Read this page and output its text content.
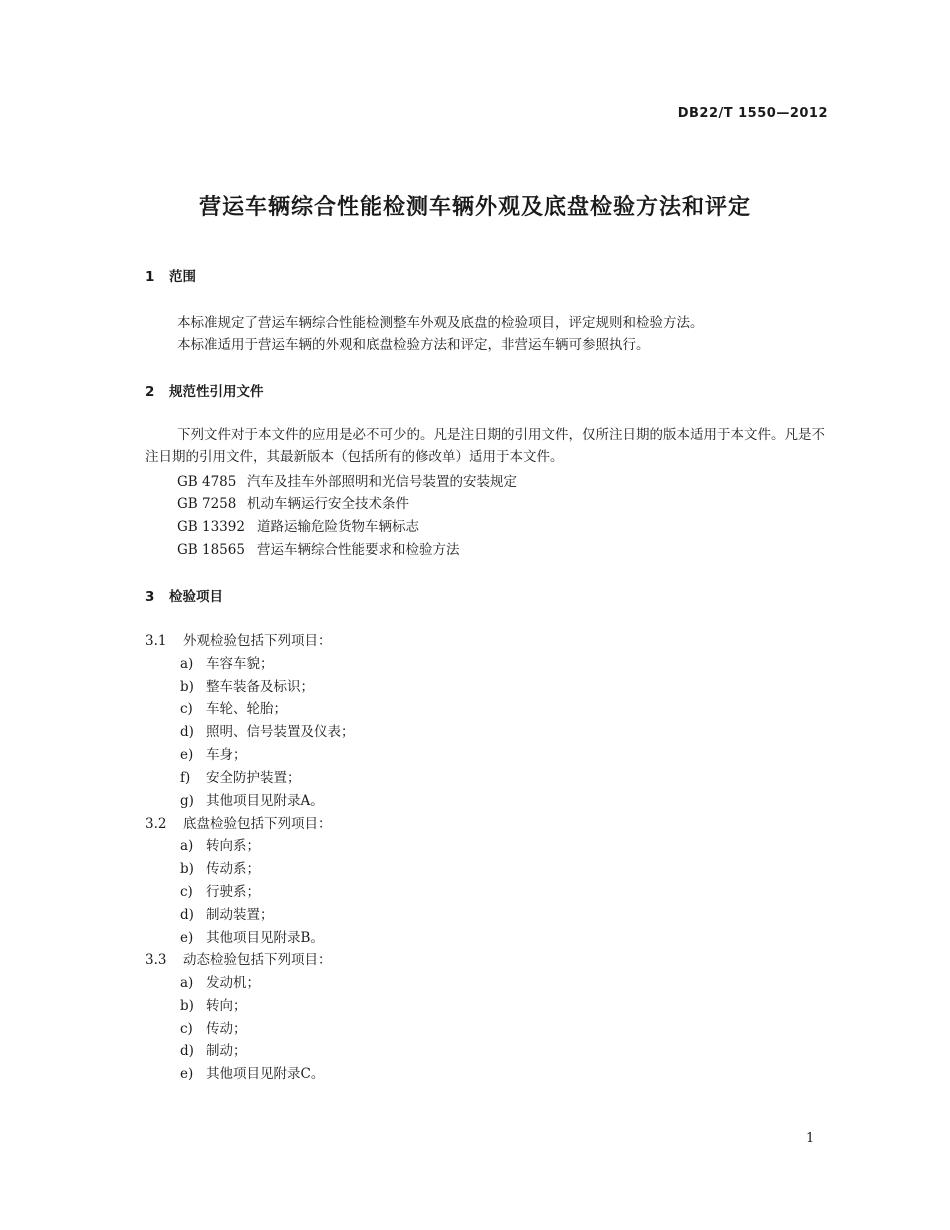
DB22/T 1550—2012
营运车辆综合性能检测车辆外观及底盘检验方法和评定
1 范围
本标准规定了营运车辆综合性能检测整车外观及底盘的检验项目，评定规则和检验方法。
本标准适用于营运车辆的外观和底盘检验方法和评定，非营运车辆可参照执行。
2 规范性引用文件
下列文件对于本文件的应用是必不可少的。凡是注日期的引用文件，仅所注日期的版本适用于本文件。凡是不注日期的引用文件，其最新版本（包括所有的修改单）适用于本文件。
GB 4785 汽车及挂车外部照明和光信号装置的安装规定
GB 7258 机动车辆运行安全技术条件
GB 13392 道路运输危险货物车辆标志
GB 18565 营运车辆综合性能要求和检验方法
3 检验项目
3.1 外观检验包括下列项目：
a) 车容车貌；
b) 整车装备及标识；
c) 车轮、轮胎；
d) 照明、信号装置及仪表；
e) 车身；
f) 安全防护装置；
g) 其他项目见附录A。
3.2 底盘检验包括下列项目：
a) 转向系；
b) 传动系；
c) 行驶系；
d) 制动装置；
e) 其他项目见附录B。
3.3 动态检验包括下列项目：
a) 发动机；
b) 转向；
c) 传动；
d) 制动；
e) 其他项目见附录C。
1
